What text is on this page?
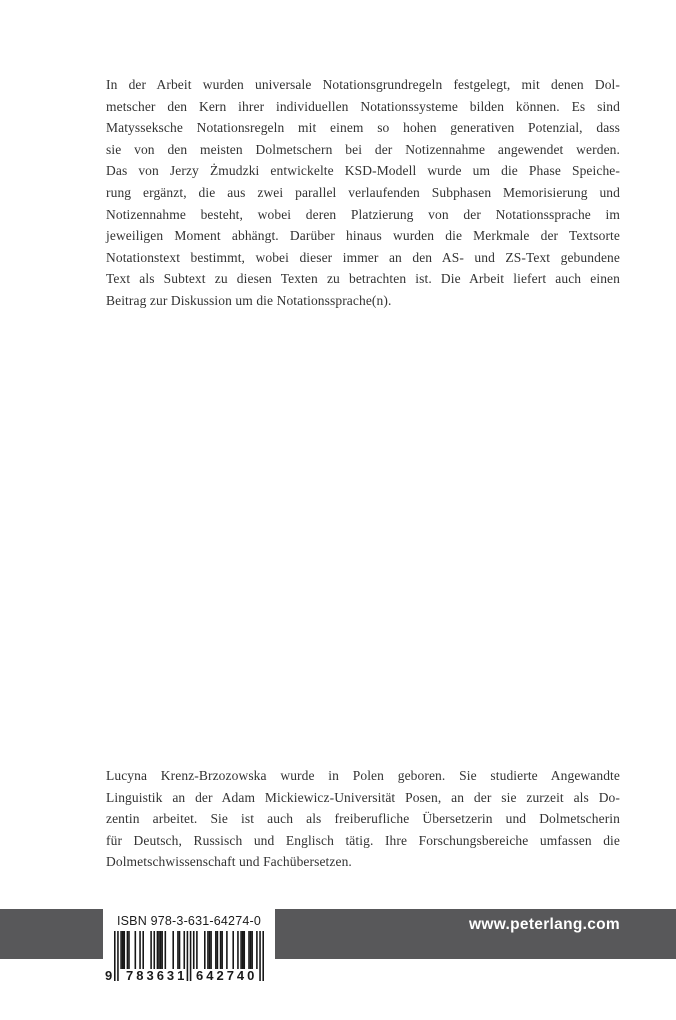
In der Arbeit wurden universale Notationsgrundregeln festgelegt, mit denen Dol-
metscher den Kern ihrer individuellen Notationssysteme bilden können. Es sind
Matysseksche Notationsregeln mit einem so hohen generativen Potenzial, dass
sie von den meisten Dolmetschern bei der Notizennahme angewendet werden.
Das von Jerzy Żmudzki entwickelte KSD-Modell wurde um die Phase Speiche-
rung ergänzt, die aus zwei parallel verlaufenden Subphasen Memorisierung und
Notizennahme besteht, wobei deren Platzierung von der Notationssprache im
jeweiligen Moment abhängt. Darüber hinaus wurden die Merkmale der Textsorte
Notationstext bestimmt, wobei dieser immer an den AS- und ZS-Text gebundene
Text als Subtext zu diesen Texten zu betrachten ist. Die Arbeit liefert auch einen
Beitrag zur Diskussion um die Notationssprache(n).
Lucyna Krenz-Brzozowska wurde in Polen geboren. Sie studierte Angewandte
Linguistik an der Adam Mickiewicz-Universität Posen, an der sie zurzeit als Do-
zentin arbeitet. Sie ist auch als freiberufliche Übersetzerin und Dolmetscherin
für Deutsch, Russisch und Englisch tätig. Ihre Forschungsbereiche umfassen die
Dolmetschwissenschaft und Fachübersetzen.
ISBN 978-3-631-64274-0
9 783631 642740
www.peterlang.com
